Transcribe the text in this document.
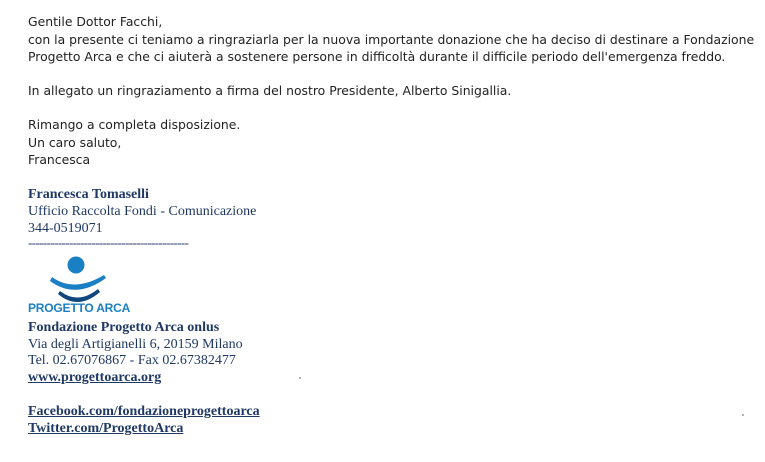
Gentile Dottor Facchi,
con la presente ci teniamo a ringraziarla per la nuova importante donazione che ha deciso di destinare a Fondazione
Progetto Arca e che ci aiuterà a sostenere persone in difficoltà durante il difficile periodo dell'emergenza freddo.
In allegato un ringraziamento a firma del nostro Presidente, Alberto Sinigallia.
Rimango a completa disposizione.
Un caro saluto,
Francesca
Francesca Tomaselli
Ufficio Raccolta Fondi - Comunicazione
344-0519071
-------------------------------------------
PROGETTO ARCA
Fondazione Progetto Arca onlus
Via degli Artigianelli 6, 20159 Milano
Tel. 02.67076867 - Fax 02.67382477
www.progettoarca.org
Facebook.com/fondazioneprogettoarca
Twitter.com/ProgettoArca
